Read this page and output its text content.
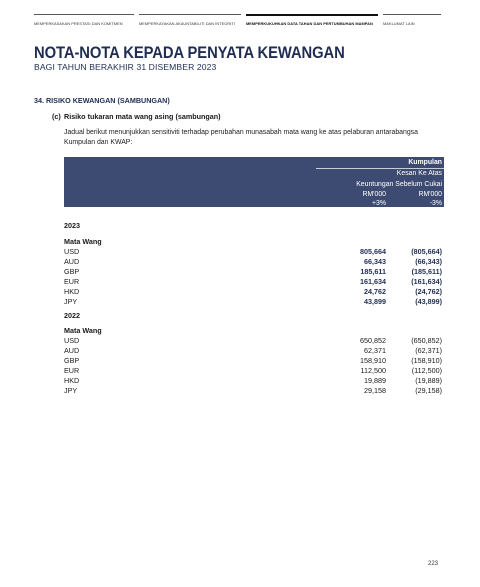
MEMPERKASAKAN PRESTASI DAN KOMITMEN	MEMPERKAYAKAN AKAUNTABILITI DAN INTEGRITI	MEMPERKUKUHKAN DATA TAHAN DAN PERTUMBUHAN MAMPAN	MAKLUMAT LAIN
NOTA-NOTA KEPADA PENYATA KEWANGAN
BAGI TAHUN BERAKHIR 31 DISEMBER 2023
34. RISIKO KEWANGAN (SAMBUNGAN)
(c) Risiko tukaran mata wang asing (sambungan)
Jadual berikut menunjukkan sensitiviti terhadap perubahan munasabah mata wang ke atas pelaburan antarabangsa Kumpulan dan KWAP:
Kumpulan
Kesan Ke Atas
Keuntungan Sebelum Cukai
RM'000	RM'000
+3%	-3%
2023
Mata Wang
USD	805,664	(805,664)
AUD	66,343	(66,343)
GBP	185,611	(185,611)
EUR	161,634	(161,634)
HKD	24,762	(24,762)
JPY	43,899	(43,899)
2022
Mata Wang
USD	650,852	(650,852)
AUD	62,371	(62,371)
GBP	158,910	(158,910)
EUR	112,500	(112,500)
HKD	19,889	(19,889)
JPY	29,158	(29,158)
223
